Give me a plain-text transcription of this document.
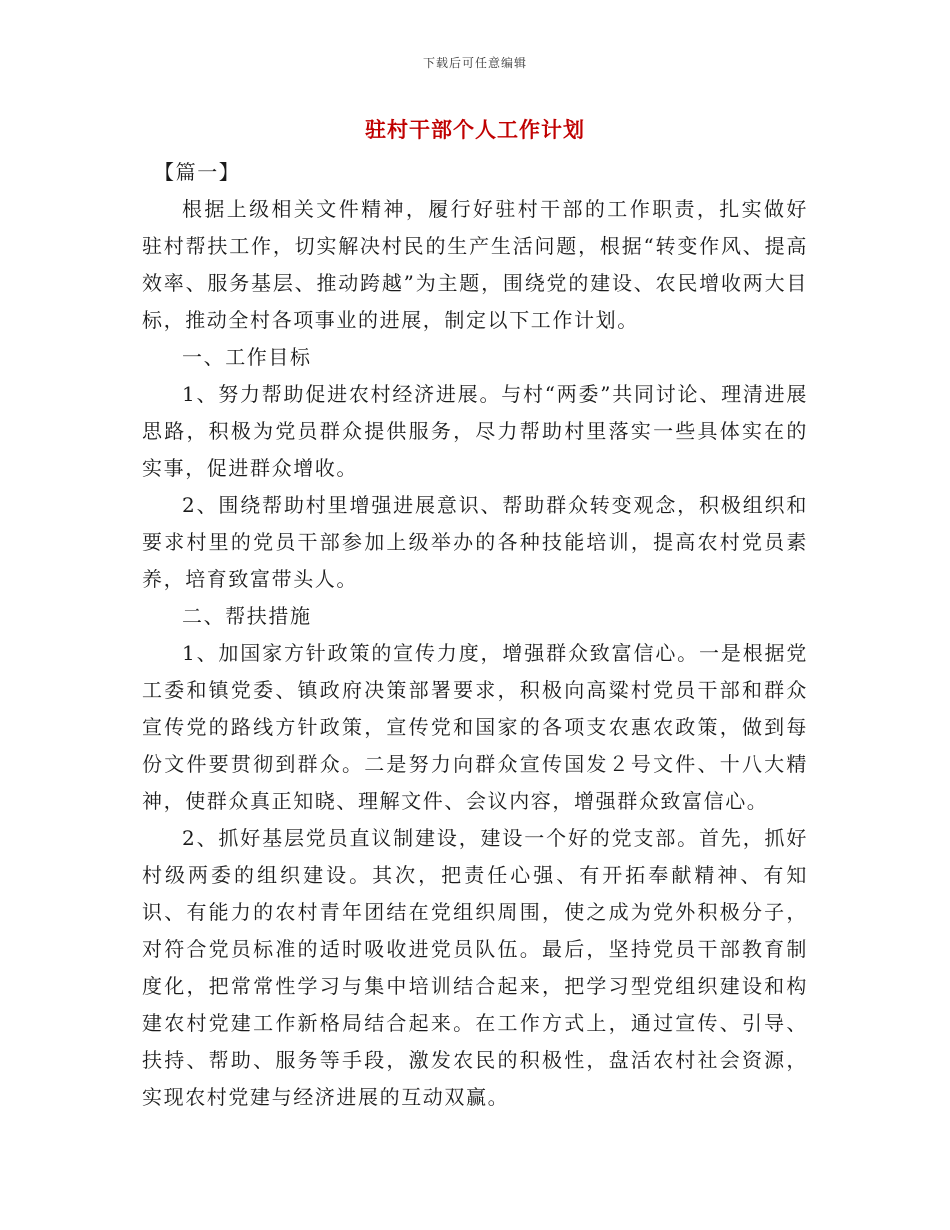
下载后可任意编辑
驻村干部个人工作计划

【篇一】

根据上级相关文件精神，履行好驻村干部的工作职责，扎实做好驻村帮扶工作，切实解决村民的生产生活问题，根据“转变作风、提高效率、服务基层、推动跨越”为主题，围绕党的建设、农民增收两大目标，推动全村各项事业的进展，制定以下工作计划。

一、工作目标

1、努力帮助促进农村经济进展。与村“两委”共同讨论、理清进展思路，积极为党员群众提供服务，尽力帮助村里落实一些具体实在的实事，促进群众增收。

2、围绕帮助村里增强进展意识、帮助群众转变观念，积极组织和要求村里的党员干部参加上级举办的各种技能培训，提高农村党员素养，培育致富带头人。

二、帮扶措施

1、加国家方针政策的宣传力度，增强群众致富信心。一是根据党工委和镇党委、镇政府决策部署要求，积极向高粱村党员干部和群众宣传党的路线方针政策，宣传党和国家的各项支农惠农政策，做到每份文件要贯彻到群众。二是努力向群众宣传国发２号文件、十八大精神，使群众真正知晓、理解文件、会议内容，增强群众致富信心。

2、抓好基层党员直议制建设，建设一个好的党支部。首先，抓好村级两委的组织建设。其次，把责任心强、有开拓奉献精神、有知识、有能力的农村青年团结在党组织周围，使之成为党外积极分子，对符合党员标准的适时吸收进党员队伍。最后，坚持党员干部教育制度化，把常常性学习与集中培训结合起来，把学习型党组织建设和构建农村党建工作新格局结合起来。在工作方式上，通过宣传、引导、扶持、帮助、服务等手段，激发农民的积极性，盘活农村社会资源，实现农村党建与经济进展的互动双赢。
